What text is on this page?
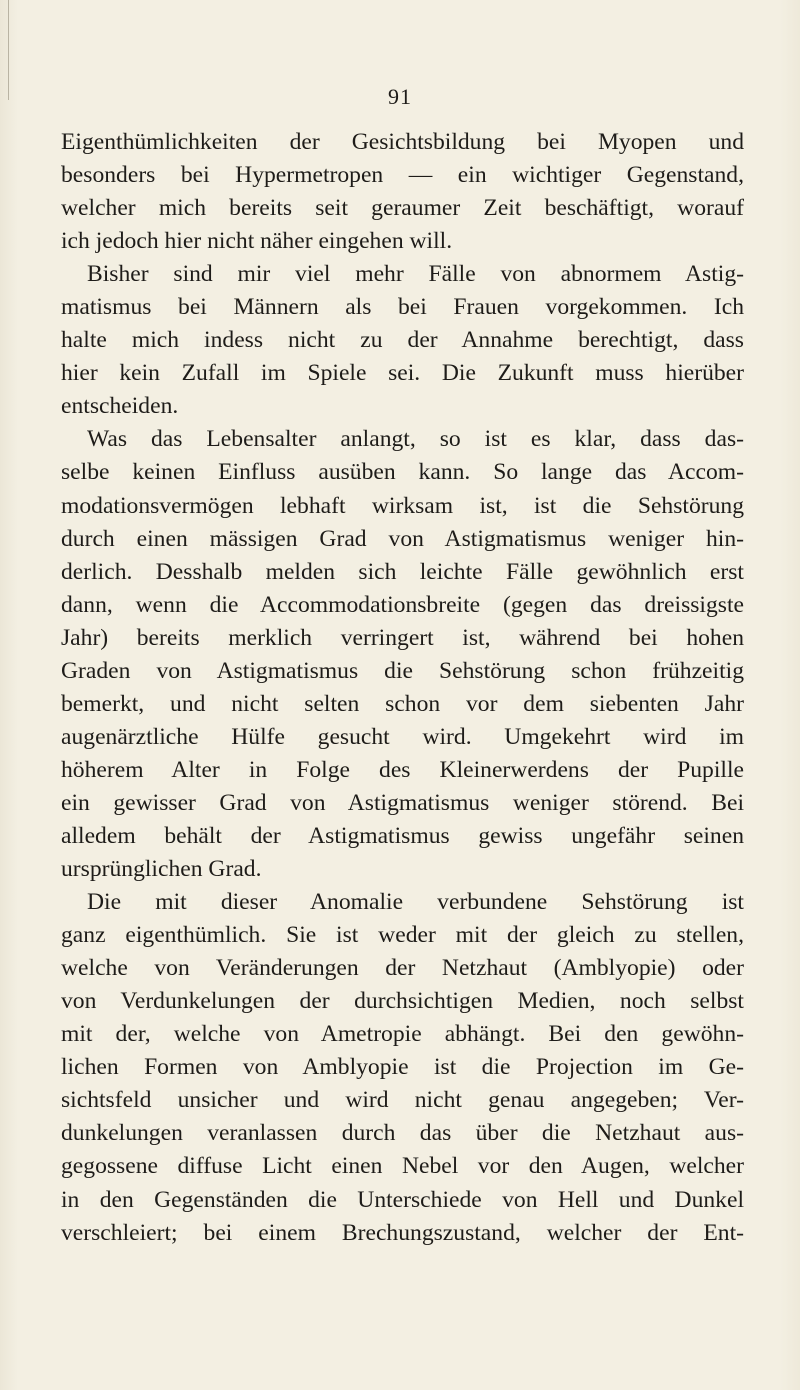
91
Eigenthümlichkeiten der Gesichtsbildung bei Myopen und
besonders bei Hypermetropen — ein wichtiger Gegenstand,
welcher mich bereits seit geraumer Zeit beschäftigt, worauf
ich jedoch hier nicht näher eingehen will.
Bisher sind mir viel mehr Fälle von abnormem Astig-
matismus bei Männern als bei Frauen vorgekommen. Ich
halte mich indess nicht zu der Annahme berechtigt, dass
hier kein Zufall im Spiele sei. Die Zukunft muss hierüber
entscheiden.
Was das Lebensalter anlangt, so ist es klar, dass das-
selbe keinen Einfluss ausüben kann. So lange das Accom-
modationsvermögen lebhaft wirksam ist, ist die Sehstörung
durch einen mässigen Grad von Astigmatismus weniger hin-
derlich. Desshalb melden sich leichte Fälle gewöhnlich erst
dann, wenn die Accommodationsbreite (gegen das dreissigste
Jahr) bereits merklich verringert ist, während bei hohen
Graden von Astigmatismus die Sehstörung schon frühzeitig
bemerkt, und nicht selten schon vor dem siebenten Jahr
augenärztliche Hülfe gesucht wird. Umgekehrt wird im
höherem Alter in Folge des Kleinerwerdens der Pupille
ein gewisser Grad von Astigmatismus weniger störend. Bei
alledem behält der Astigmatismus gewiss ungefähr seinen
ursprünglichen Grad.
Die mit dieser Anomalie verbundene Sehstörung ist
ganz eigenthümlich. Sie ist weder mit der gleich zu stellen,
welche von Veränderungen der Netzhaut (Amblyopie) oder
von Verdunkelungen der durchsichtigen Medien, noch selbst
mit der, welche von Ametropie abhängt. Bei den gewöhn-
lichen Formen von Amblyopie ist die Projection im Ge-
sichtsfeld unsicher und wird nicht genau angegeben; Ver-
dunkelungen veranlassen durch das über die Netzhaut aus-
gegossene diffuse Licht einen Nebel vor den Augen, welcher
in den Gegenständen die Unterschiede von Hell und Dunkel
verschleiert; bei einem Brechungszustand, welcher der Ent-
